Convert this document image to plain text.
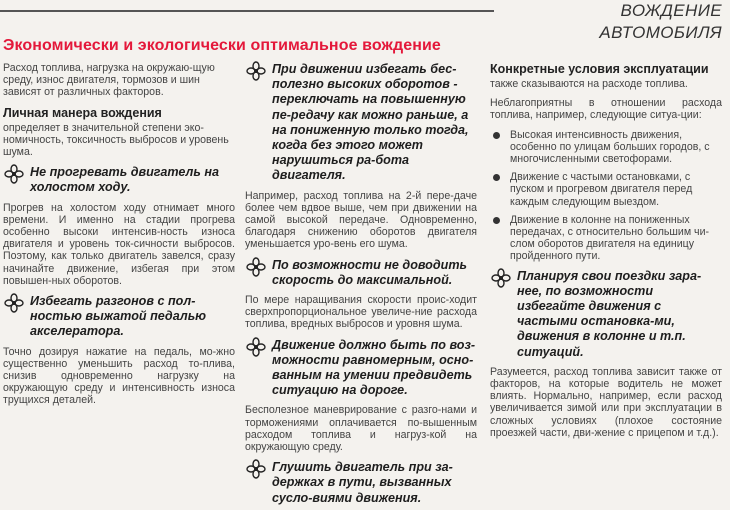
ВОЖДЕНИЕ АВТОМОБИЛЯ
Экономически и экологически оптимальное вождение

Расход топлива, нагрузка на окружаю-щую среду, износ двигателя, тормозов и шин зависят от различных факторов.

Личная манера вождения

определяет в значительной степени эко-номичность, токсичность выбросов и уровень шума.

Не прогревать двигатель на холостом ходу.

Прогрев на холостом ходу отнимает много времени. И именно на стадии прогрева особенно высоки интенсив-ность износа двигателя и уровень ток-сичности выбросов. Поэтому, как только двигатель завелся, сразу начинайте движение, избегая при этом повышен-ных оборотов.

Избегать разгонов с пол-ностью выжатой педалью акселератора.

Точно дозируя нажатие на педаль, мо-жно существенно уменьшить расход то-плива, снизив одновременно нагрузку на окружающую среду и интенсивность износа трущихся деталей.

При движении избегать бес-полезно высоких оборотов - переключать на повышенную пе-редачу как можно раньше, а на пониженную только тогда, когда без этого может нарушиться ра-бота двигателя.

Например, расход топлива на 2-й пере-даче более чем вдвое выше, чем при движении на самой высокой передаче. Одновременно, благодаря снижению оборотов двигателя уменьшается уро-вень его шума.

По возможности не доводить скорость до максимальной.

По мере наращивания скорости проис-ходит сверхпропорциональное увеличе-ние расхода топлива, вредных выбросов и уровня шума.

Движение должно быть по воз-можности равномерным, осно-ванным на умении предвидеть ситуацию на дороге.

Бесполезное маневрирование с разго-нами и торможениями оплачивается по-вышенным расходом топлива и нагруз-кой на окружающую среду.

Глушить двигатель при за-держках в пути, вызванных сусло-виями движения.
Конкретные условия эксплуатации

также сказываются на расходе топлива.

Неблагоприятны в отношении расхода топлива, например, следующие ситуа-ции:

Высокая интенсивность движения, особенно по улицам больших городов, с многочисленными светофорами.
Движение с частыми остановками, с пуском и прогревом двигателя перед каждым следующим выездом.
Движение в колонне на пониженных передачах, с относительно большим чи-слом оборотов двигателя на единицу пройденного пути.
Планируя свои поездки зара-нее, по возможности избегайте движения с частыми остановка-ми, движения в колонне и т.п. ситуаций.

Разумеется, расход топлива зависит также от факторов, на которые водитель не может влиять. Нормально, например, если расход увеличивается зимой или при эксплуатации в сложных условиях (плохое состояние проезжей части, дви-жение с прицепом и т.д.).
